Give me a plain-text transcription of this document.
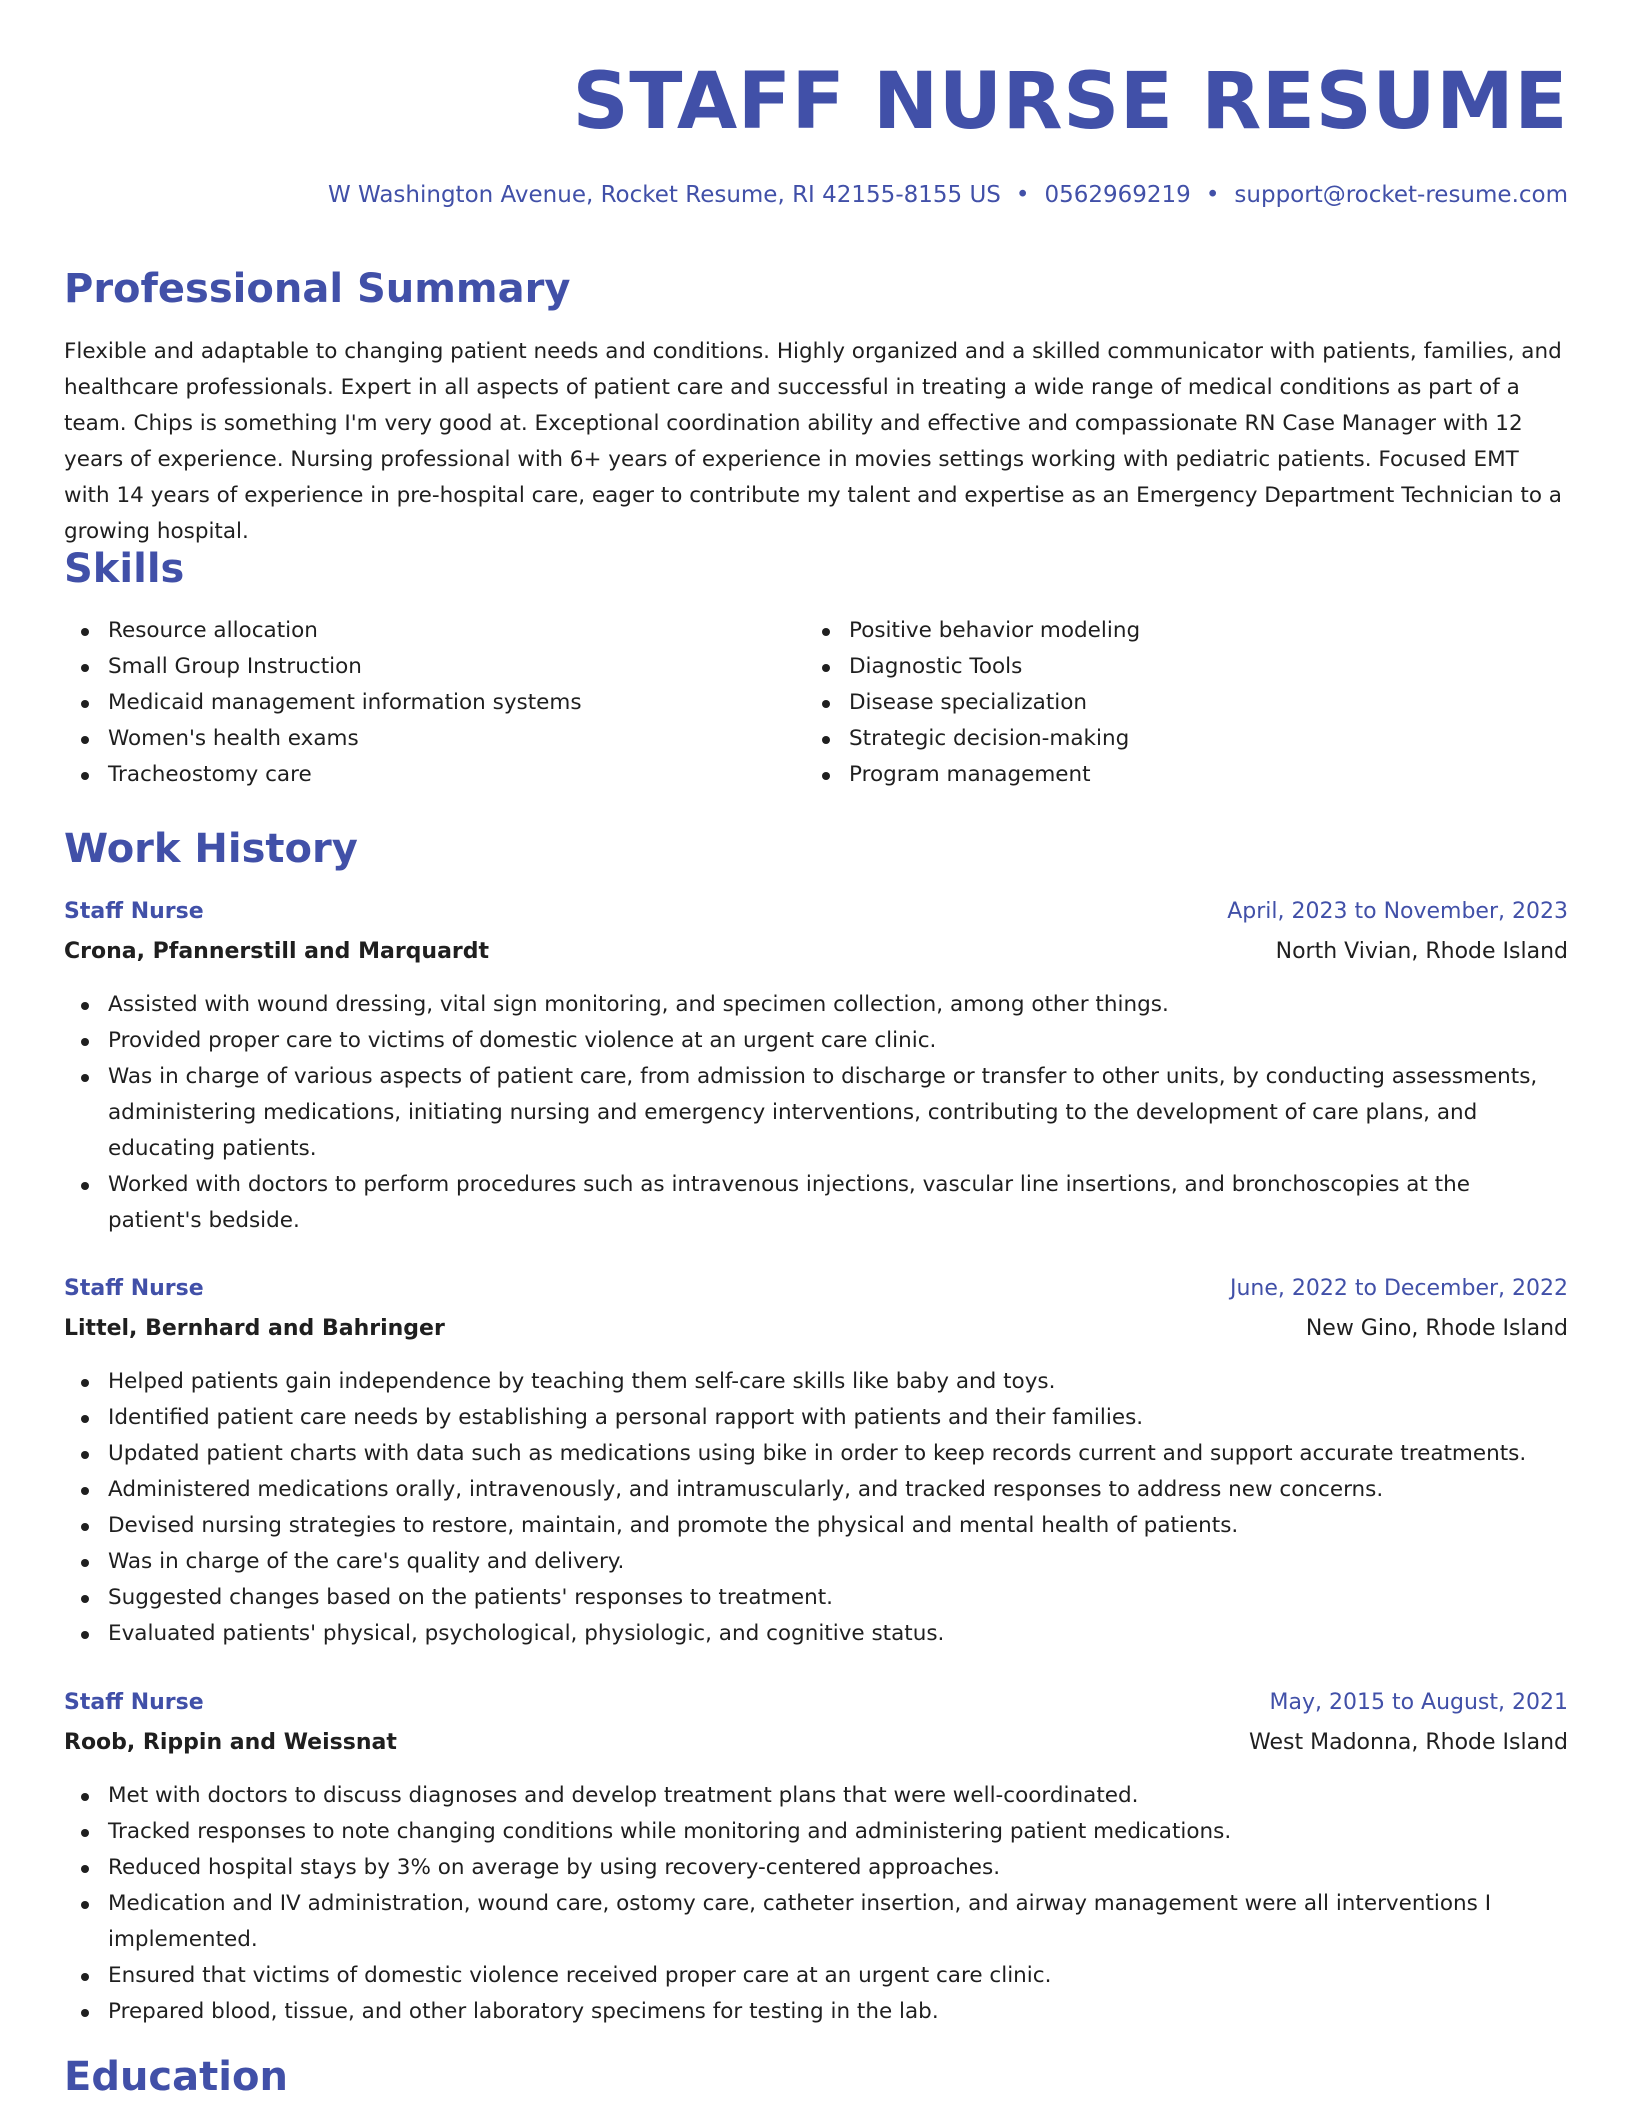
STAFF NURSE RESUME
W Washington Avenue, Rocket Resume, RI 42155-8155 US • 0562969219 • support@rocket-resume.com
Professional Summary

Flexible and adaptable to changing patient needs and conditions. Highly organized and a skilled communicator with patients, families, and healthcare professionals. Expert in all aspects of patient care and successful in treating a wide range of medical conditions as part of a team. Chips is something I'm very good at. Exceptional coordination ability and effective and compassionate RN Case Manager with 12 years of experience. Nursing professional with 6+ years of experience in movies settings working with pediatric patients. Focused EMT with 14 years of experience in pre-hospital care, eager to contribute my talent and expertise as an Emergency Department Technician to a growing hospital.

Skills
Resource allocation
Small Group Instruction
Medicaid management information systems
Women's health exams
Tracheostomy care
Positive behavior modeling
Diagnostic Tools
Disease specialization
Strategic decision-making
Program management
Work History
Staff Nurse	April, 2023 to November, 2023
Crona, Pfannerstill and Marquardt	North Vivian, Rhode Island
Assisted with wound dressing, vital sign monitoring, and specimen collection, among other things.
Provided proper care to victims of domestic violence at an urgent care clinic.
Was in charge of various aspects of patient care, from admission to discharge or transfer to other units, by conducting assessments, administering medications, initiating nursing and emergency interventions, contributing to the development of care plans, and educating patients.
Worked with doctors to perform procedures such as intravenous injections, vascular line insertions, and bronchoscopies at the patient's bedside.
Staff Nurse	June, 2022 to December, 2022
Littel, Bernhard and Bahringer	New Gino, Rhode Island
Helped patients gain independence by teaching them self-care skills like baby and toys.
Identified patient care needs by establishing a personal rapport with patients and their families.
Updated patient charts with data such as medications using bike in order to keep records current and support accurate treatments.
Administered medications orally, intravenously, and intramuscularly, and tracked responses to address new concerns.
Devised nursing strategies to restore, maintain, and promote the physical and mental health of patients.
Was in charge of the care's quality and delivery.
Suggested changes based on the patients' responses to treatment.
Evaluated patients' physical, psychological, physiologic, and cognitive status.
Staff Nurse	May, 2015 to August, 2021
Roob, Rippin and Weissnat	West Madonna, Rhode Island
Met with doctors to discuss diagnoses and develop treatment plans that were well-coordinated.
Tracked responses to note changing conditions while monitoring and administering patient medications.
Reduced hospital stays by 3% on average by using recovery-centered approaches.
Medication and IV administration, wound care, ostomy care, catheter insertion, and airway management were all interventions I implemented.
Ensured that victims of domestic violence received proper care at an urgent care clinic.
Prepared blood, tissue, and other laboratory specimens for testing in the lab.
Education
